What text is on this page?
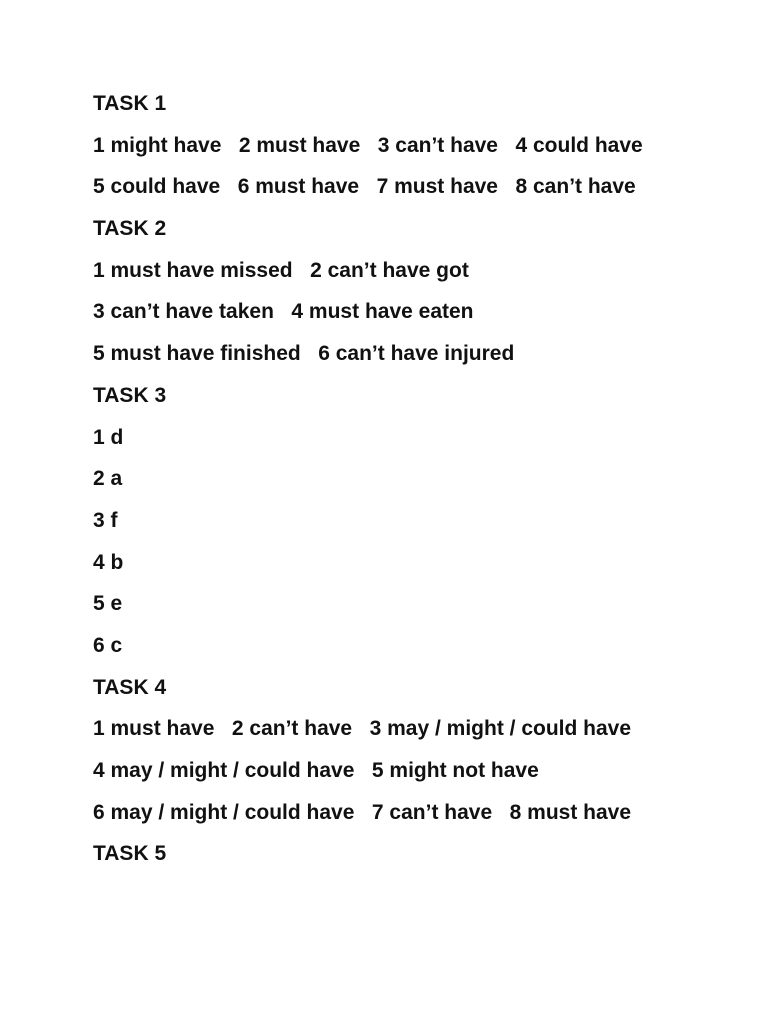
TASK 1
1 might have   2 must have   3 can’t have   4 could have
5 could have   6 must have   7 must have   8 can’t have
TASK 2
1 must have missed   2 can’t have got
3 can’t have taken   4 must have eaten
5 must have finished   6 can’t have injured
TASK 3
1 d
2 a
3 f
4 b
5 e
6 c
TASK 4
1 must have   2 can’t have   3 may / might / could have
4 may / might / could have   5 might not have
6 may / might / could have   7 can’t have   8 must have
TASK 5
